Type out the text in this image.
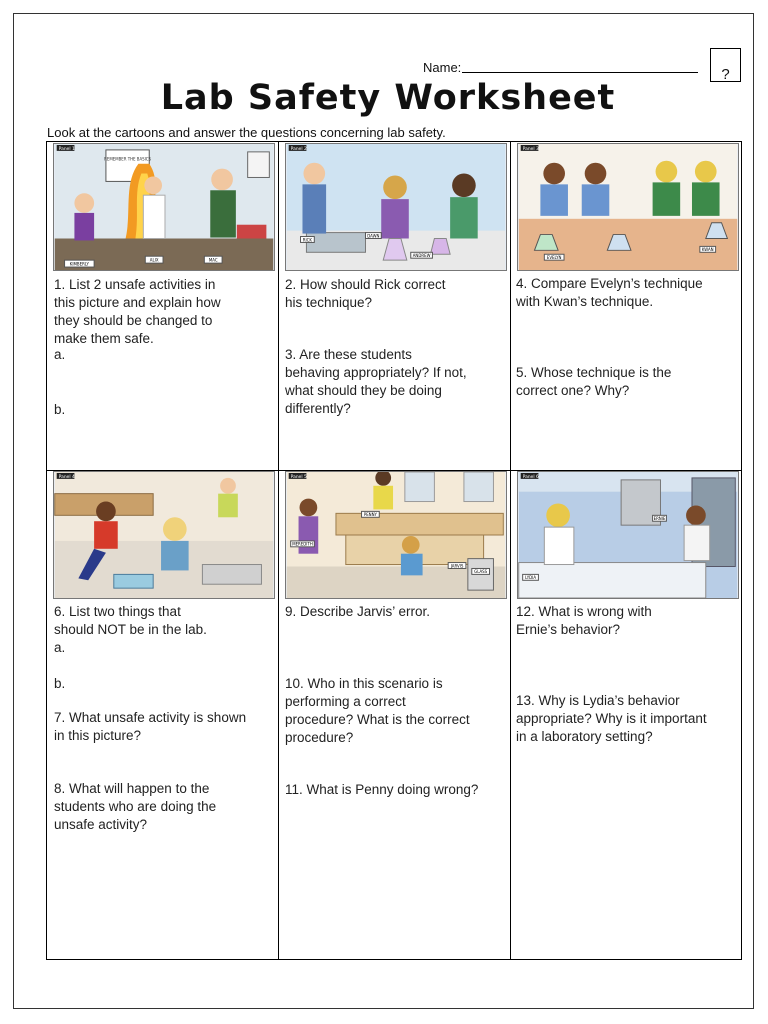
Name:	?
Lab Safety Worksheet
Look at the cartoons and answer the questions concerning lab safety.
REMEMBER THE BASICS
Panel 1
KIMBERLY
ALIX	MAC
Panel 2
RICK
DAWN
ANDREW
Panel 3
EVELYN
KWAN
Panel 4	Panel 5
PENNY
MEREDITH
JARVIS
GLASS
Panel 6
LYDIA
ERNIE
1. List 2 unsafe activities in
this picture and explain how
they should be changed to
make them safe.
a.
b.
2. How should Rick correct
his technique?
3. Are these students
behaving appropriately? If not,
what should they be doing
differently?
4. Compare Evelyn’s technique
with Kwan’s technique.
5. Whose technique is the
correct one? Why?
6. List two things that
should NOT be in the lab.
a.
b.
7. What unsafe activity is shown
in this picture?
8. What will happen to the
students who are doing the
unsafe activity?
9. Describe Jarvis’ error.
10. Who in this scenario is
performing a correct
procedure? What is the correct
procedure?
11. What is Penny doing wrong?
12. What is wrong with
Ernie’s behavior?
13. Why is Lydia’s behavior
appropriate? Why is it important
in a laboratory setting?
